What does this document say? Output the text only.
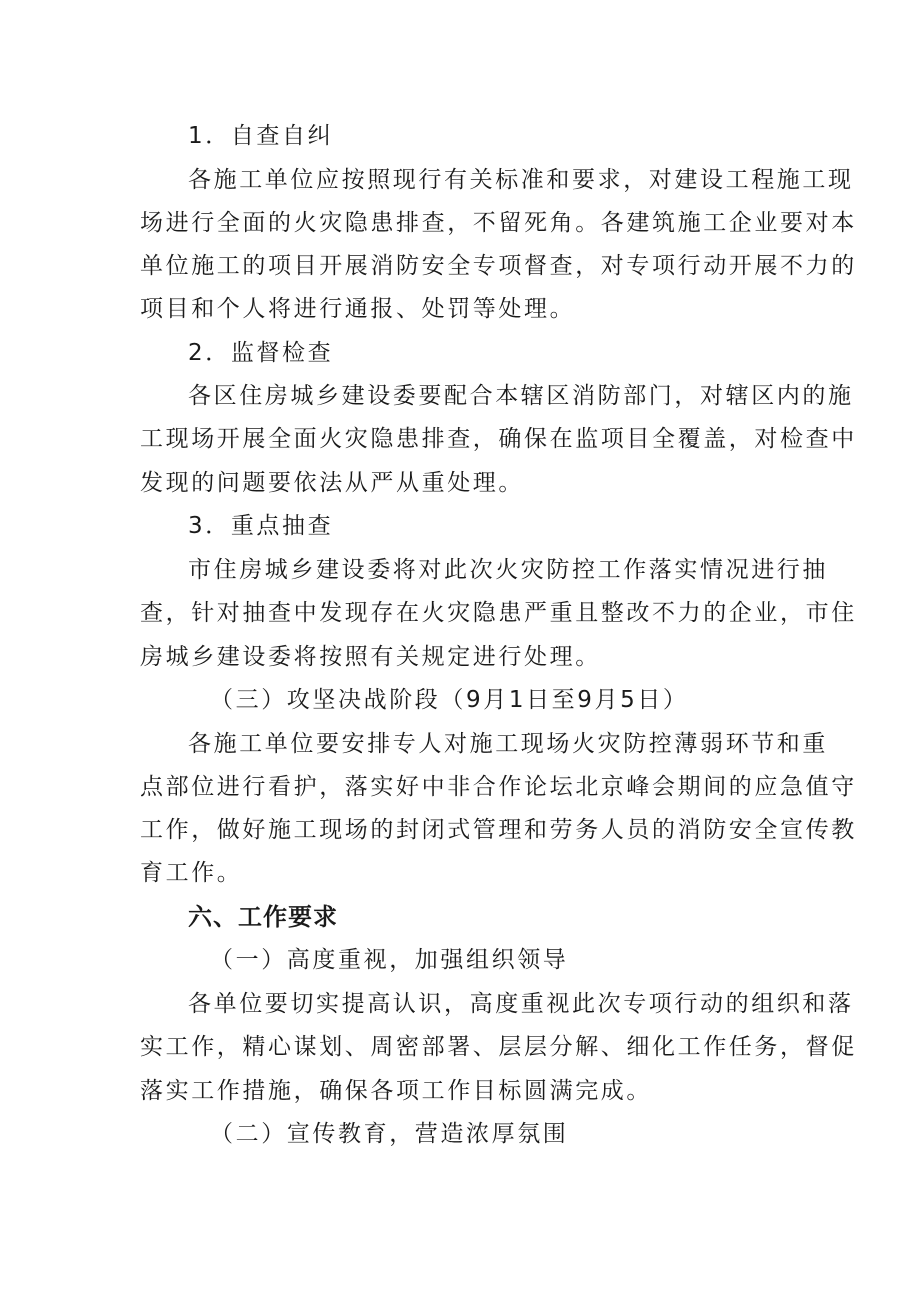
1．自查自纠
各施工单位应按照现行有关标准和要求，对建设工程施工现
场进行全面的火灾隐患排查，不留死角。各建筑施工企业要对本
单位施工的项目开展消防安全专项督查，对专项行动开展不力的
项目和个人将进行通报、处罚等处理。
2．监督检查
各区住房城乡建设委要配合本辖区消防部门，对辖区内的施
工现场开展全面火灾隐患排查，确保在监项目全覆盖，对检查中
发现的问题要依法从严从重处理。
3．重点抽查
市住房城乡建设委将对此次火灾防控工作落实情况进行抽
查，针对抽查中发现存在火灾隐患严重且整改不力的企业，市住
房城乡建设委将按照有关规定进行处理。
（三）攻坚决战阶段（9月1日至9月5日）
各施工单位要安排专人对施工现场火灾防控薄弱环节和重
点部位进行看护，落实好中非合作论坛北京峰会期间的应急值守
工作，做好施工现场的封闭式管理和劳务人员的消防安全宣传教
育工作。
六、工作要求
（一）高度重视，加强组织领导
各单位要切实提高认识，高度重视此次专项行动的组织和落
实工作，精心谋划、周密部署、层层分解、细化工作任务，督促
落实工作措施，确保各项工作目标圆满完成。
（二）宣传教育，营造浓厚氛围
